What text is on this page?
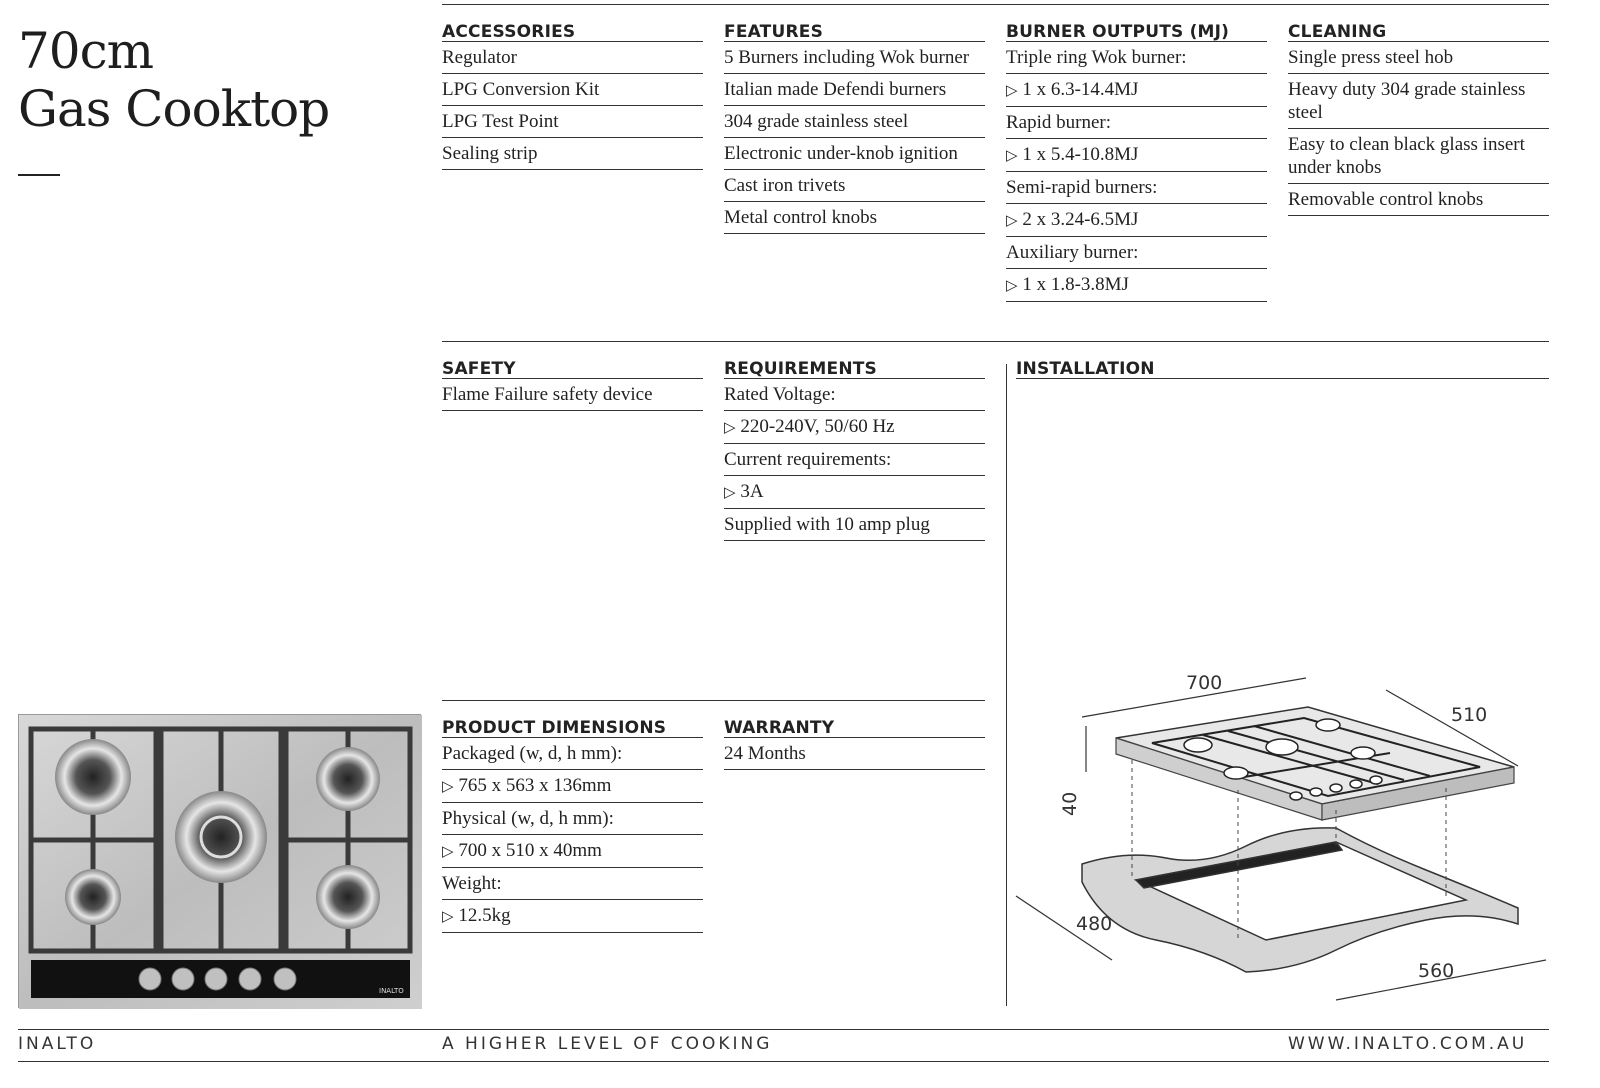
70cm
Gas Cooktop
ACCESSORIES
Regulator
LPG Conversion Kit
LPG Test Point
Sealing strip
FEATURES
5 Burners including Wok burner
Italian made Defendi burners
304 grade stainless steel
Electronic under-knob ignition
Cast iron trivets
Metal control knobs
BURNER OUTPUTS (MJ)
Triple ring Wok burner:
▷ 1 x 6.3-14.4MJ
Rapid burner:
▷ 1 x 5.4-10.8MJ
Semi-rapid burners:
▷ 2 x 3.24-6.5MJ
Auxiliary burner:
▷ 1 x 1.8-3.8MJ
CLEANING
Single press steel hob
Heavy duty 304 grade stainless steel
Easy to clean black glass insert under knobs
Removable control knobs
SAFETY
Flame Failure safety device
REQUIREMENTS
Rated Voltage:
▷ 220-240V, 50/60 Hz
Current requirements:
▷ 3A
Supplied with 10 amp plug
INSTALLATION
PRODUCT DIMENSIONS
Packaged (w, d, h mm):
▷ 765 x 563 x 136mm
Physical (w, d, h mm):
▷ 700 x 510 x 40mm
Weight:
▷ 12.5kg
WARRANTY
24 Months
INALTO
700
510
40
480
560
INALTO	A HIGHER LEVEL OF COOKING	WWW.INALTO.COM.AU
